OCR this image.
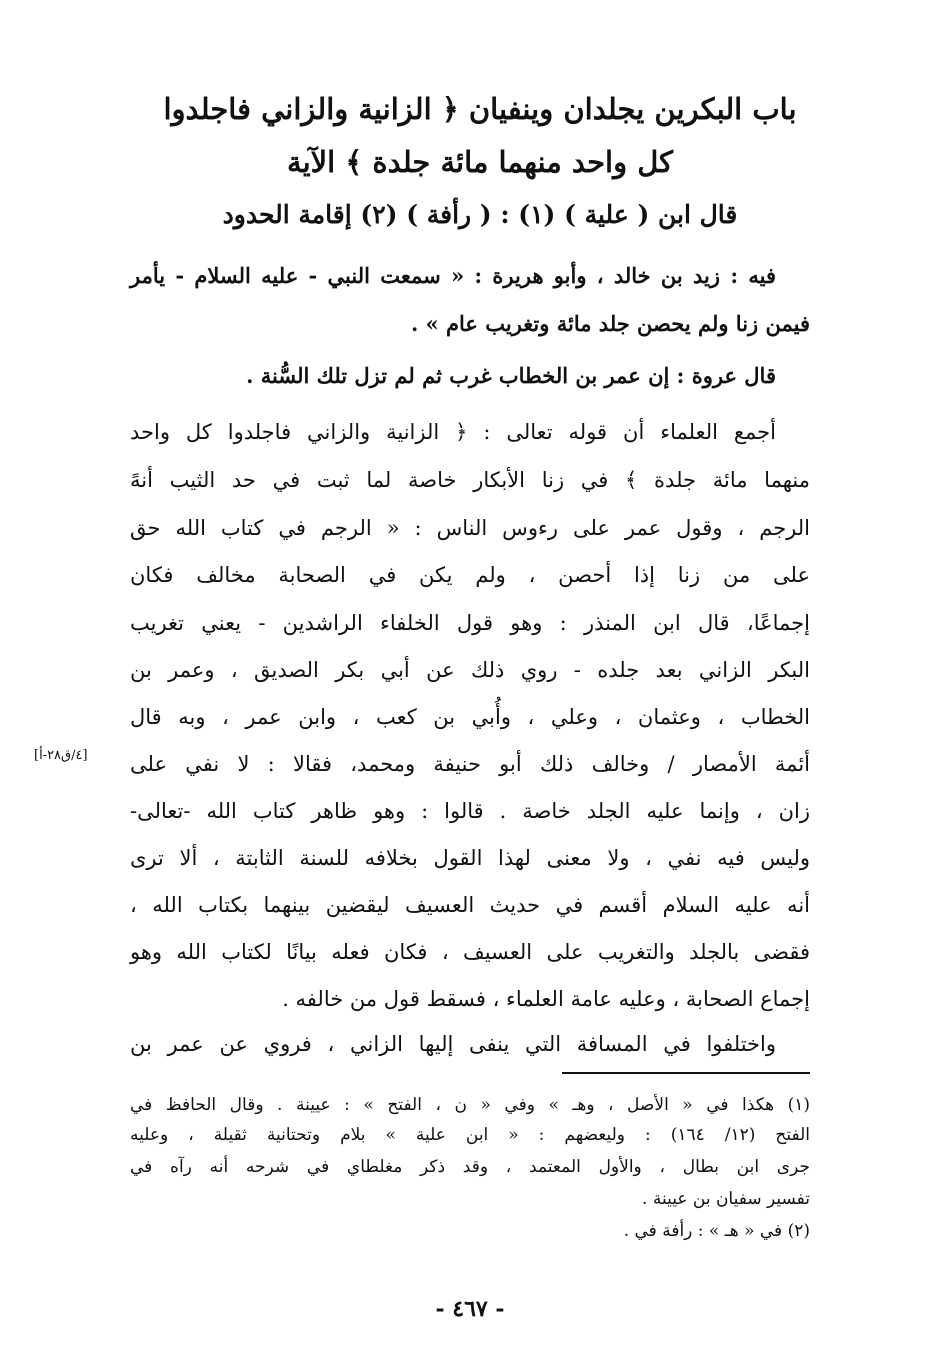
باب البكرين يجلدان وينفيان ﴿ الزانية والزاني فاجلدوا
كل واحد منهما مائة جلدة ﴾ الآية
قال ابن ( علية ) (١) : ( رأفة ) (٢) إقامة الحدود
فيه : زيد بن خالد ، وأبو هريرة : « سمعت النبي - عليه السلام - يأمر
فيمن زنا ولم يحصن جلد مائة وتغريب عام » .
قال عروة : إن عمر بن الخطاب غرب ثم لم تزل تلك السُّنة .
أجمع العلماء أن قوله تعالى : ﴿ الزانية والزاني فاجلدوا كل واحد
منهما مائة جلدة ﴾ في زنا الأبكار خاصة لما ثبت في حد الثيب أنهً
الرجم ، وقول عمر على رءوس الناس : « الرجم في كتاب الله حق
على من زنا إذا أحصن ، ولم يكن في الصحابة مخالف فكان
إجماعًا، قال ابن المنذر : وهو قول الخلفاء الراشدين - يعني تغريب
البكر الزاني بعد جلده - روي ذلك عن أبي بكر الصديق ، وعمر بن
الخطاب ، وعثمان ، وعلي ، وأُبي بن كعب ، وابن عمر ، وبه قال
أئمة الأمصار / وخالف ذلك أبو حنيفة ومحمد، فقالا : لا نفي على
زان ، وإنما عليه الجلد خاصة . قالوا : وهو ظاهر كتاب الله -تعالى-
وليس فيه نفي ، ولا معنى لهذا القول بخلافه للسنة الثابتة ، ألا ترى
أنه عليه السلام أقسم في حديث العسيف ليقضين بينهما بكتاب الله ،
فقضى بالجلد والتغريب على العسيف ، فكان فعله بيانًا لكتاب الله وهو
إجماع الصحابة ، وعليه عامة العلماء ، فسقط قول من خالفه .
واختلفوا في المسافة التي ينفى إليها الزاني ، فروي عن عمر بن
[٤/ق٢٨-أ]
(١) هكذا في « الأصل ، وهـ » وفي « ن ، الفتح » : عيينة . وقال الحافظ في
الفتح (١٢/ ١٦٤) : وليعضهم : « ابن علية » بلام وتحتانية ثقيلة ، وعليه
جرى ابن بطال ، والأول المعتمد ، وقد ذكر مغلطاي في شرحه أنه رآه في
تفسير سفيان بن عيينة .
(٢) في « هـ » : رأفة في .
- ٤٦٧ -
